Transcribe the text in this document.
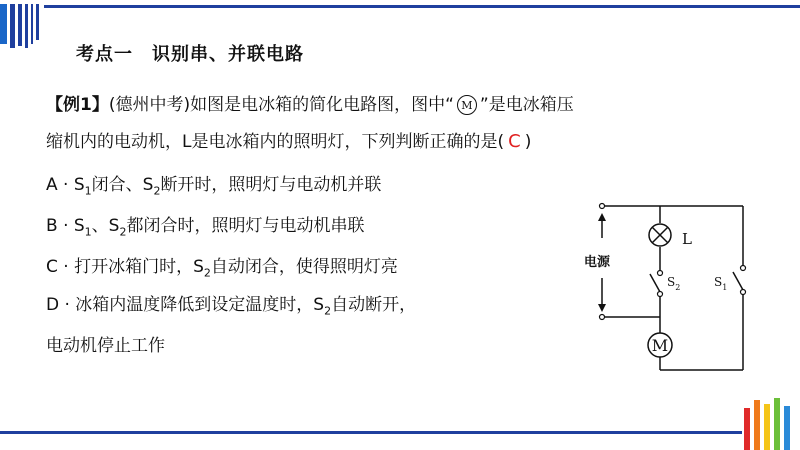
考点一　识别串、并联电路
【例1】(德州中考)如图是电冰箱的简化电路图，图中“ M ”是电冰箱压
缩机内的电动机，L是电冰箱内的照明灯，下列判断正确的是( C )
$A \cdot S_1$闭合、$S_2$断开时，照明灯与电动机并联
$B \cdot S_1$、$S_2$都闭合时，照明灯与电动机串联
C · 打开冰箱门时，$S_2$自动闭合，使得照明灯亮
D · 冰箱内温度降低到设定温度时，$S_2$自动断开，
电动机停止工作	M
L
电源
$S_2$	$S_1$
